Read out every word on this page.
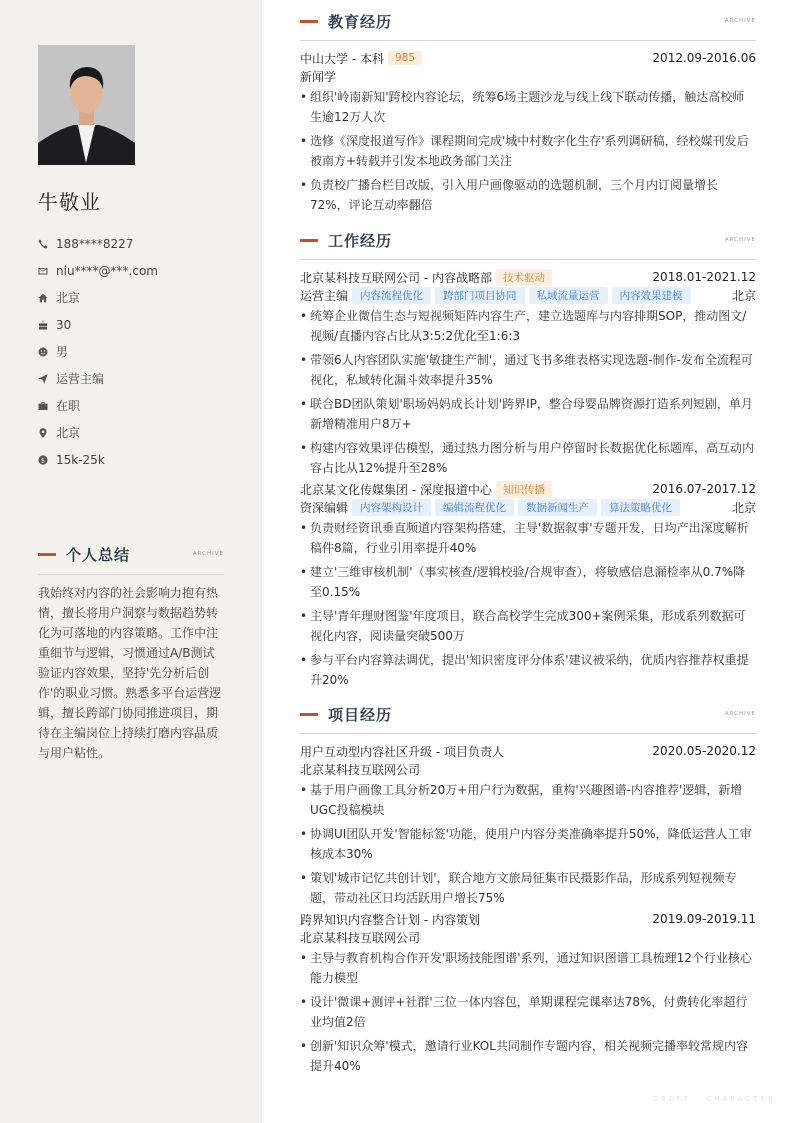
牛敬业
188****8227
niu****@***.com
北京
30
男
运营主编
在职
北京
$ 15k-25k
个人总结	ARCHIVE

我始终对内容的社会影响力抱有热情，擅长将用户洞察与数据趋势转化为可落地的内容策略。工作中注重细节与逻辑，习惯通过A/B测试验证内容效果，坚持'先分析后创作'的职业习惯。熟悉多平台运营逻辑，擅长跨部门协同推进项目，期待在主编岗位上持续打磨内容品质与用户粘性。

教育经历	ARCHIVE
中山大学 - 本科	985	2012.09-2016.06
新闻学
• 组织'岭南新知'跨校内容论坛，统筹6场主题沙龙与线上线下联动传播，触达高校师生逾12万人次
• 选修《深度报道写作》课程期间完成'城中村数字化生存'系列调研稿，经校媒刊发后被南方+转载并引发本地政务部门关注
• 负责校广播台栏目改版，引入用户画像驱动的选题机制，三个月内订阅量增长72%，评论互动率翻倍
工作经历	ARCHIVE
北京某科技互联网公司 - 内容战略部	技术驱动	2018.01-2021.12
运营主编	内容流程优化	跨部门项目协同	私域流量运营	内容效果建模	北京
• 统筹企业微信生态与短视频矩阵内容生产，建立选题库与内容排期SOP，推动图文/视频/直播内容占比从3:5:2优化至1:6:3
• 带领6人内容团队实施'敏捷生产制'，通过飞书多维表格实现选题-制作-发布全流程可视化，私域转化漏斗效率提升35%
• 联合BD团队策划'职场妈妈成长计划'跨界IP，整合母婴品牌资源打造系列短剧，单月新增精准用户8万+
• 构建内容效果评估模型，通过热力图分析与用户停留时长数据优化标题库，高互动内容占比从12%提升至28%
北京某文化传媒集团 - 深度报道中心	知识传播	2016.07-2017.12
资深编辑	内容架构设计	编辑流程优化	数据新闻生产	算法策略优化	北京
• 负责财经资讯垂直频道内容架构搭建，主导'数据叙事'专题开发，日均产出深度解析稿件8篇，行业引用率提升40%
• 建立'三维审核机制'（事实核查/逻辑校验/合规审查），将敏感信息漏检率从0.7%降至0.15%
• 主导'青年理财图鉴'年度项目，联合高校学生完成300+案例采集，形成系列数据可视化内容，阅读量突破500万
• 参与平台内容算法调优，提出'知识密度评分体系'建议被采纳，优质内容推荐权重提升20%
项目经历	ARCHIVE
用户互动型内容社区升级 - 项目负责人	2020.05-2020.12
北京某科技互联网公司
• 基于用户画像工具分析20万+用户行为数据，重构'兴趣图谱-内容推荐'逻辑，新增UGC投稿模块
• 协调UI团队开发'智能标签'功能，使用户内容分类准确率提升50%，降低运营人工审核成本30%
• 策划'城市记忆共创计划'，联合地方文旅局征集市民摄影作品，形成系列短视频专题，带动社区日均活跃用户增长75%
跨界知识内容整合计划 - 内容策划	2019.09-2019.11
北京某科技互联网公司
• 主导与教育机构合作开发'职场技能图谱'系列，通过知识图谱工具梳理12个行业核心能力模型
• 设计'微课+测评+社群'三位一体内容包，单期课程完课率达78%，付费转化率超行业均值2倍
• 创新'知识众筹'模式，邀请行业KOL共同制作专题内容，相关视频完播率较常规内容提升40%
CRAFT · CHARACTER
